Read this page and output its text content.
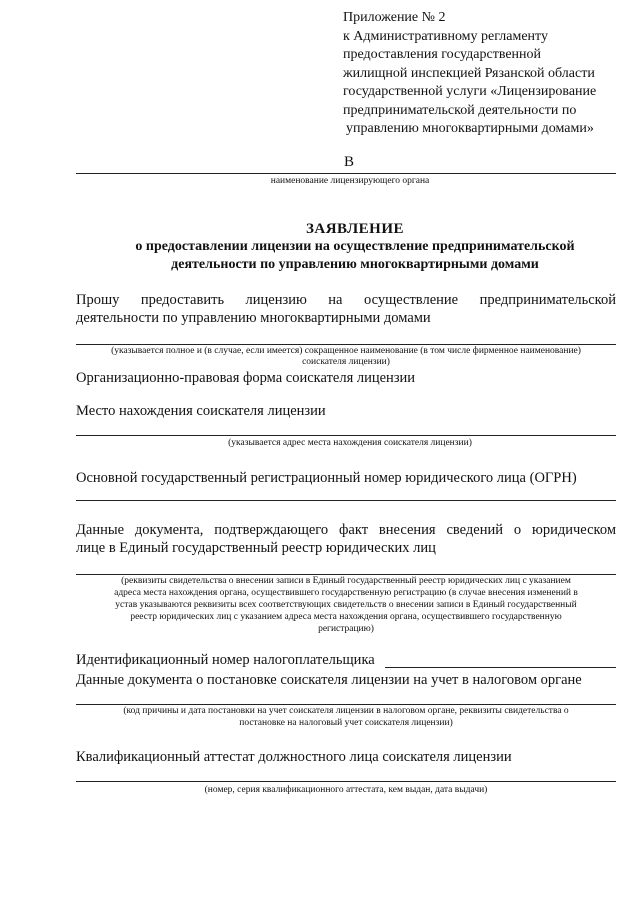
Приложение № 2
к Административному регламенту
предоставления государственной
жилищной инспекцией Рязанской области
государственной услуги «Лицензирование
предпринимательской деятельности по
управлению многоквартирными домами»
В
наименование лицензирующего органа
ЗАЯВЛЕНИЕ
о предоставлении лицензии на осуществление предпринимательской
деятельности по управлению многоквартирными домами
Прошу предоставить лицензию на осуществление предпринимательской
деятельности по управлению многоквартирными домами
(указывается полное и (в случае, если имеется) сокращенное наименование (в том числе фирменное наименование)
соискателя лицензии)
Организационно-правовая форма соискателя лицензии
Место нахождения соискателя лицензии
(указывается адрес места нахождения соискателя лицензии)
Основной государственный регистрационный номер юридического лица (ОГРН)
Данные документа, подтверждающего факт внесения сведений о юридическом
лице в Единый государственный реестр юридических лиц
(реквизиты свидетельства о внесении записи в Единый государственный реестр юридических лиц с указанием
адреса места нахождения органа, осуществившего государственную регистрацию (в случае внесения изменений в
устав указываются реквизиты всех соответствующих свидетельств о внесении записи в Единый государственный
реестр юридических лиц с указанием адреса места нахождения органа, осуществившего государственную
регистрацию)
Идентификационный номер налогоплательщика
Данные документа о постановке соискателя лицензии на учет в налоговом органе
(код причины и дата постановки на учет соискателя лицензии в налоговом органе, реквизиты свидетельства о
постановке на налоговый учет соискателя лицензии)
Квалификационный аттестат должностного лица соискателя лицензии
(номер, серия квалификационного аттестата, кем выдан, дата выдачи)
